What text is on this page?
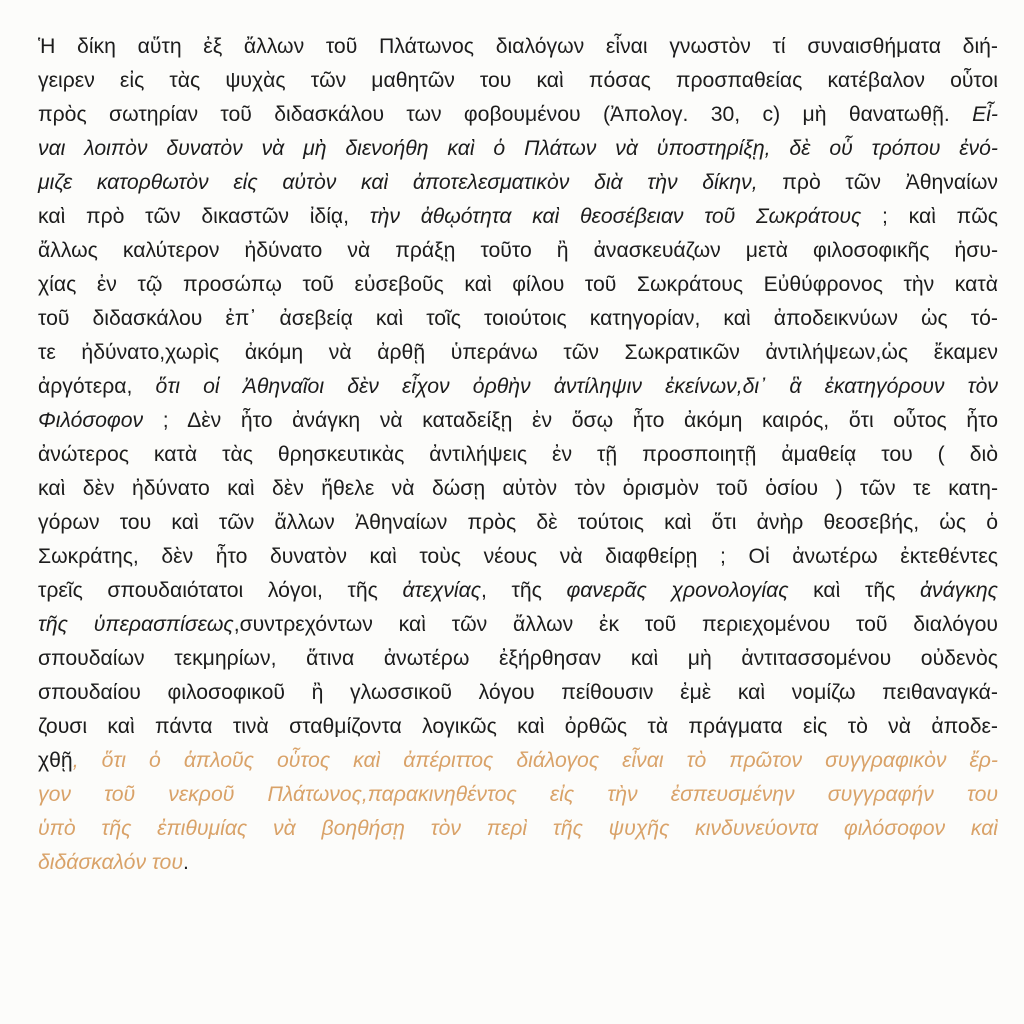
Ἡ δίκη αὕτη ἐξ ἄλλων τοῦ Πλάτωνος διαλόγων εἶναι γνωστὸν τί συναισθήματα διή-
γειρεν εἰς τὰς ψυχὰς τῶν μαθητῶν του καὶ πόσας προσπαθείας κατέβαλον οὗτοι
πρὸς σωτηρίαν τοῦ διδασκάλου των φοβουμένου (Ἀπολογ. 30, c) μὴ θανατωθῇ. Εἶ-
ναι λοιπὸν δυνατὸν νὰ μὴ διενοήθη καὶ ὁ Πλάτων νὰ ὑποστηρίξῃ, δὲ οὗ τρόπου ἐνό-
μιζε κατορθωτὸν εἰς αὐτὸν καὶ ἀποτελεσματικὸν διὰ τὴν δίκην, πρὸ τῶν Ἀθηναίων
καὶ πρὸ τῶν δικαστῶν ἰδίᾳ, τὴν ἀθῳότητα καὶ θεοσέβειαν τοῦ Σωκράτους ; καὶ πῶς
ἄλλως καλύτερον ἠδύνατο νὰ πράξῃ τοῦτο ἢ ἀνασκευάζων μετὰ φιλοσοφικῆς ἡσυ-
χίας ἐν τῷ προσώπῳ τοῦ εὐσεβοῦς καὶ φίλου τοῦ Σωκράτους Εὐθύφρονος τὴν κατὰ
τοῦ διδασκάλου ἐπ᾽ ἀσεβείᾳ καὶ τοῖς τοιούτοις κατηγορίαν, καὶ ἀποδεικνύων ὡς τό-
τε ἠδύνατο,χωρὶς ἀκόμη νὰ ἀρθῇ ὑπεράνω τῶν Σωκρατικῶν ἀντιλήψεων,ὡς ἔκαμεν
ἀργότερα, ὅτι οἱ Ἀθηναῖοι δὲν εἶχον ὀρθὴν ἀντίληψιν ἐκείνων,δι᾽ ἃ ἐκατηγόρουν τὸν
Φιλόσοφον ; Δὲν ἦτο ἀνάγκη νὰ καταδείξῃ ἐν ὅσῳ ἦτο ἀκόμη καιρός, ὅτι οὗτος ἦτο
ἀνώτερος κατὰ τὰς θρησκευτικὰς ἀντιλήψεις ἐν τῇ προσποιητῇ ἀμαθείᾳ του ( διὸ
καὶ δὲν ἠδύνατο καὶ δὲν ἤθελε νὰ δώσῃ αὐτὸν τὸν ὁρισμὸν τοῦ ὁσίου ) τῶν τε κατη-
γόρων του καὶ τῶν ἄλλων Ἀθηναίων πρὸς δὲ τούτοις καὶ ὅτι ἀνὴρ θεοσεβής, ὡς ὁ
Σωκράτης, δὲν ἦτο δυνατὸν καὶ τοὺς νέους νὰ διαφθείρῃ ; Οἱ ἀνωτέρω ἐκτεθέντες
τρεῖς σπουδαιότατοι λόγοι, τῆς ἀτεχνίας, τῆς φανερᾶς χρονολογίας καὶ τῆς ἀνάγκης
τῆς ὑπερασπίσεως,συντρεχόντων καὶ τῶν ἄλλων ἐκ τοῦ περιεχομένου τοῦ διαλόγου
σπουδαίων τεκμηρίων, ἅτινα ἀνωτέρω ἐξήρθησαν καὶ μὴ ἀντιτασσομένου οὐδενὸς
σπουδαίου φιλοσοφικοῦ ἢ γλωσσικοῦ λόγου πείθουσιν ἐμὲ καὶ νομίζω πειθαναγκά-
ζουσι καὶ πάντα τινὰ σταθμίζοντα λογικῶς καὶ ὀρθῶς τὰ πράγματα εἰς τὸ νὰ ἀποδε-
χθῇ, ὅτι ὁ ἁπλοῦς οὗτος καὶ ἀπέριττος διάλογος εἶναι τὸ πρῶτον συγγραφικὸν ἔρ-
γον τοῦ νεκροῦ Πλάτωνος,παρακινηθέντος εἰς τὴν ἐσπευσμένην συγγραφήν του
ὑπὸ τῆς ἐπιθυμίας νὰ βοηθήσῃ τὸν περὶ τῆς ψυχῆς κινδυνεύοντα φιλόσοφον καὶ
διδάσκαλόν του.
